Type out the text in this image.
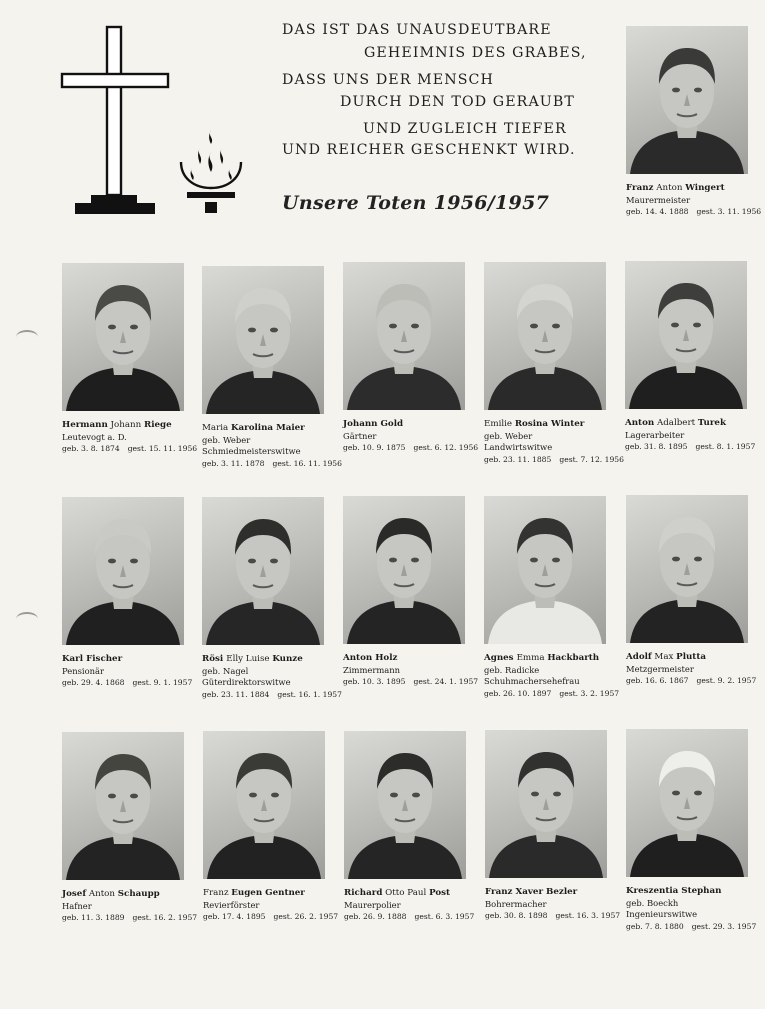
DAS IST DAS UNAUSDEUTBARE
GEHEIMNIS DES GRABES,
DASS UNS DER MENSCH
DURCH DEN TOD GERAUBT
UND ZUGLEICH TIEFER
UND REICHER GESCHENKT WIRD.
Unsere Toten 1956/1957
Franz Anton Wingert
Maurermeister
geb. 14. 4. 1888 gest. 3. 11. 1956
Hermann Johann Riege
Leutevogt a. D.
geb. 3. 8. 1874 gest. 15. 11. 1956
Maria Karolina Maier
geb. Weber
Schmiedmeisterswitwe
geb. 3. 11. 1878 gest. 16. 11. 1956
Johann Gold
Gärtner
geb. 10. 9. 1875 gest. 6. 12. 1956
Emilie Rosina Winter
geb. Weber
Landwirtswitwe
geb. 23. 11. 1885 gest. 7. 12. 1956
Anton Adalbert Turek
Lagerarbeiter
geb. 31. 8. 1895 gest. 8. 1. 1957
Karl Fischer
Pensionär
geb. 29. 4. 1868 gest. 9. 1. 1957
Rösi Elly Luise Kunze
geb. Nagel
Güterdirektorswitwe
geb. 23. 11. 1884 gest. 16. 1. 1957
Anton Holz
Zimmermann
geb. 10. 3. 1895 gest. 24. 1. 1957
Agnes Emma Hackbarth
geb. Radicke
Schuhmachersehefrau
geb. 26. 10. 1897 gest. 3. 2. 1957
Adolf Max Plutta
Metzgermeister
geb. 16. 6. 1867 gest. 9. 2. 1957
Josef Anton Schaupp
Hafner
geb. 11. 3. 1889 gest. 16. 2. 1957
Franz Eugen Gentner
Revierförster
geb. 17. 4. 1895 gest. 26. 2. 1957
Richard Otto Paul Post
Maurerpolier
geb. 26. 9. 1888 gest. 6. 3. 1957
Franz Xaver Bezler
Bohrermacher
geb. 30. 8. 1898 gest. 16. 3. 1957
Kreszentia Stephan
geb. Boeckh
Ingenieurswitwe
geb. 7. 8. 1880 gest. 29. 3. 1957
